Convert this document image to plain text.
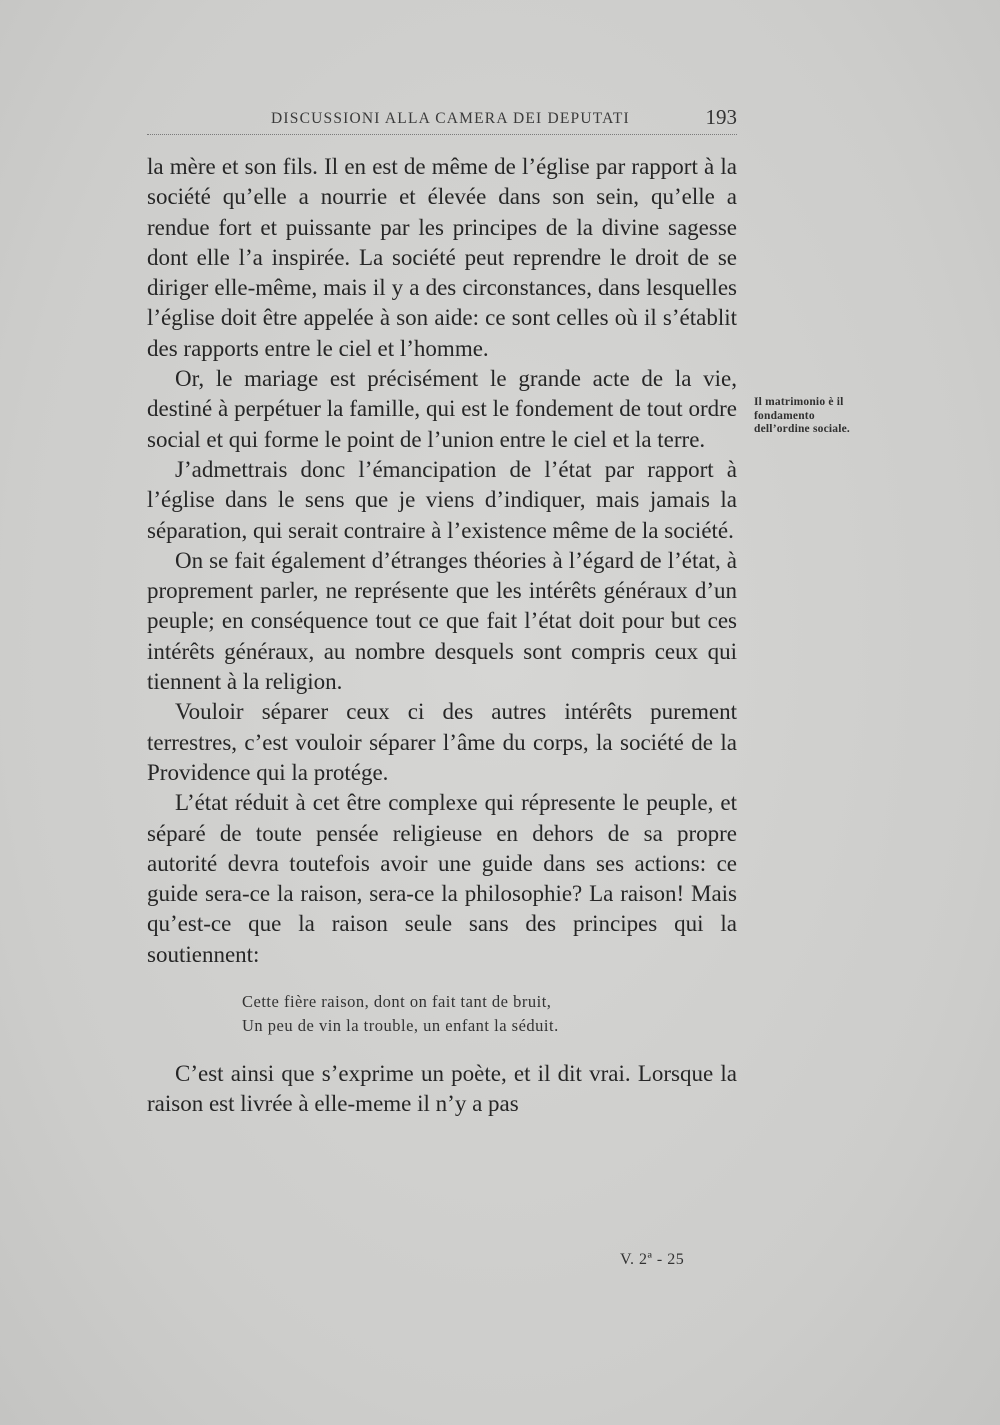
DISCUSSIONI ALLA CAMERA DEI DEPUTATI	193
Il matrimonio è il fondamento dell’ordine sociale.

la mère et son fils. Il en est de même de l’église par rapport à la société qu’elle a nourrie et élevée dans son sein, qu’elle a rendue fort et puissante par les principes de la divine sagesse dont elle l’a inspirée. La société peut reprendre le droit de se diriger elle-même, mais il y a des circonstances, dans lesquelles l’église doit être appelée à son aide: ce sont celles où il s’établit des rapports entre le ciel et l’homme.

Or, le mariage est précisément le grande acte de la vie, destiné à perpétuer la famille, qui est le fondement de tout ordre social et qui forme le point de l’union entre le ciel et la terre.

J’admettrais donc l’émancipation de l’état par rapport à l’église dans le sens que je viens d’indiquer, mais jamais la séparation, qui serait contraire à l’existence même de la société.

On se fait également d’étranges théories à l’égard de l’état, à proprement parler, ne représente que les intérêts généraux d’un peuple; en conséquence tout ce que fait l’état doit pour but ces intérêts généraux, au nombre desquels sont compris ceux qui tiennent à la religion.

Vouloir séparer ceux ci des autres intérêts purement terrestres, c’est vouloir séparer l’âme du corps, la société de la Providence qui la protége.

L’état réduit à cet être complexe qui répresente le peuple, et séparé de toute pensée religieuse en dehors de sa propre autorité devra toutefois avoir une guide dans ses actions: ce guide sera-ce la raison, sera-ce la philosophie? La raison! Mais qu’est-ce que la raison seule sans des principes qui la soutiennent:

Cette fière raison, dont on fait tant de bruit,
Un peu de vin la trouble, un enfant la séduit.

C’est ainsi que s’exprime un poète, et il dit vrai. Lorsque la raison est livrée à elle-meme il n’y a pas

V. 2ª - 25
